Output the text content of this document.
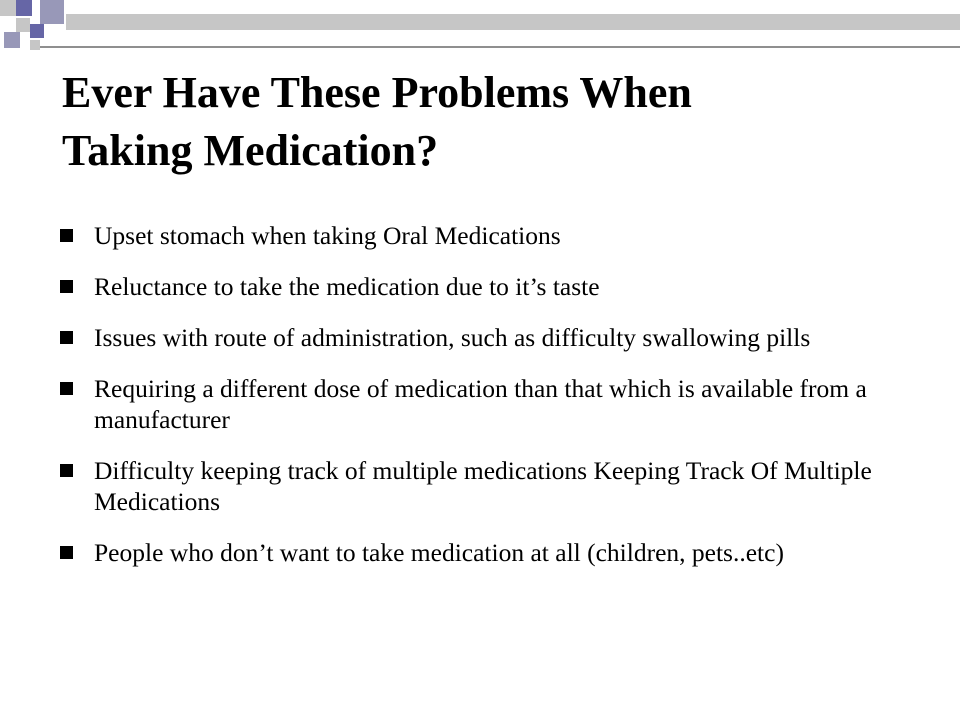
Ever Have These Problems When
Taking Medication?
Upset stomach when taking Oral Medications
Reluctance to take the medication due to it’s taste
Issues with route of administration, such as difficulty swallowing pills
Requiring a different dose of medication than that which is available from a manufacturer
Difficulty keeping track of multiple medications Keeping Track Of Multiple Medications
People who don’t want to take medication at all (children, pets..etc)
